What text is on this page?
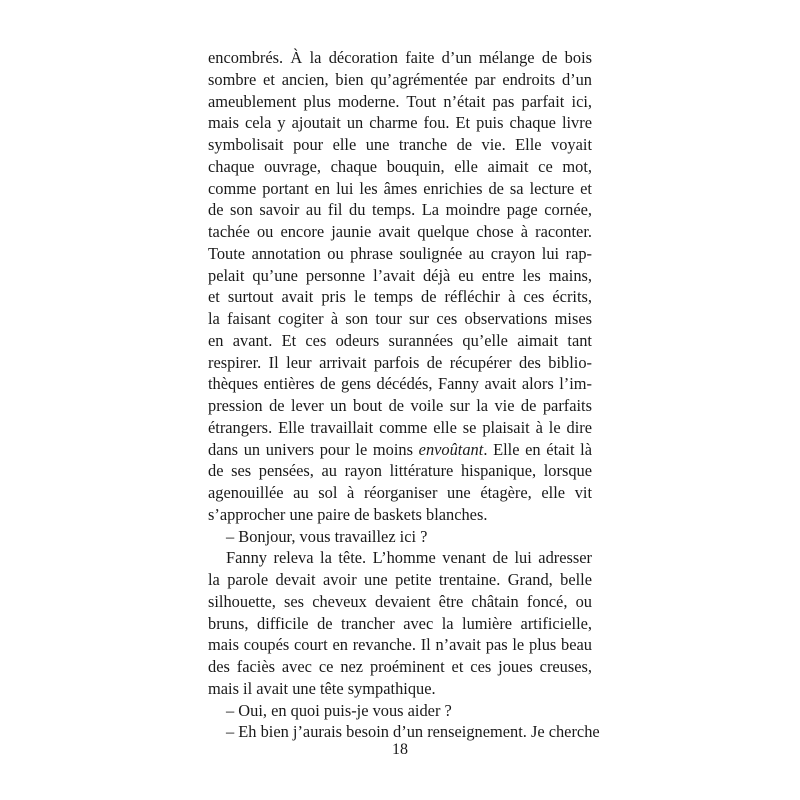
encombrés. À la décoration faite d’un mélange de bois
sombre et ancien, bien qu’agrémentée par endroits d’un
ameublement plus moderne. Tout n’était pas parfait ici,
mais cela y ajoutait un charme fou. Et puis chaque livre
symbolisait pour elle une tranche de vie. Elle voyait
chaque ouvrage, chaque bouquin, elle aimait ce mot,
comme portant en lui les âmes enrichies de sa lecture et
de son savoir au fil du temps. La moindre page cornée,
tachée ou encore jaunie avait quelque chose à raconter.
Toute annotation ou phrase soulignée au crayon lui rap-
pelait qu’une personne l’avait déjà eu entre les mains,
et surtout avait pris le temps de réfléchir à ces écrits,
la faisant cogiter à son tour sur ces observations mises
en avant. Et ces odeurs surannées qu’elle aimait tant
respirer. Il leur arrivait parfois de récupérer des biblio-
thèques entières de gens décédés, Fanny avait alors l’im-
pression de lever un bout de voile sur la vie de parfaits
étrangers. Elle travaillait comme elle se plaisait à le dire
dans un univers pour le moins envoûtant. Elle en était là
de ses pensées, au rayon littérature hispanique, lorsque
agenouillée au sol à réorganiser une étagère, elle vit
s’approcher une paire de baskets blanches.
– Bonjour, vous travaillez ici ?
Fanny releva la tête. L’homme venant de lui adresser
la parole devait avoir une petite trentaine. Grand, belle
silhouette, ses cheveux devaient être châtain foncé, ou
bruns, difficile de trancher avec la lumière artificielle,
mais coupés court en revanche. Il n’avait pas le plus beau
des faciès avec ce nez proéminent et ces joues creuses,
mais il avait une tête sympathique.
– Oui, en quoi puis-je vous aider ?
– Eh bien j’aurais besoin d’un renseignement. Je cherche
18
